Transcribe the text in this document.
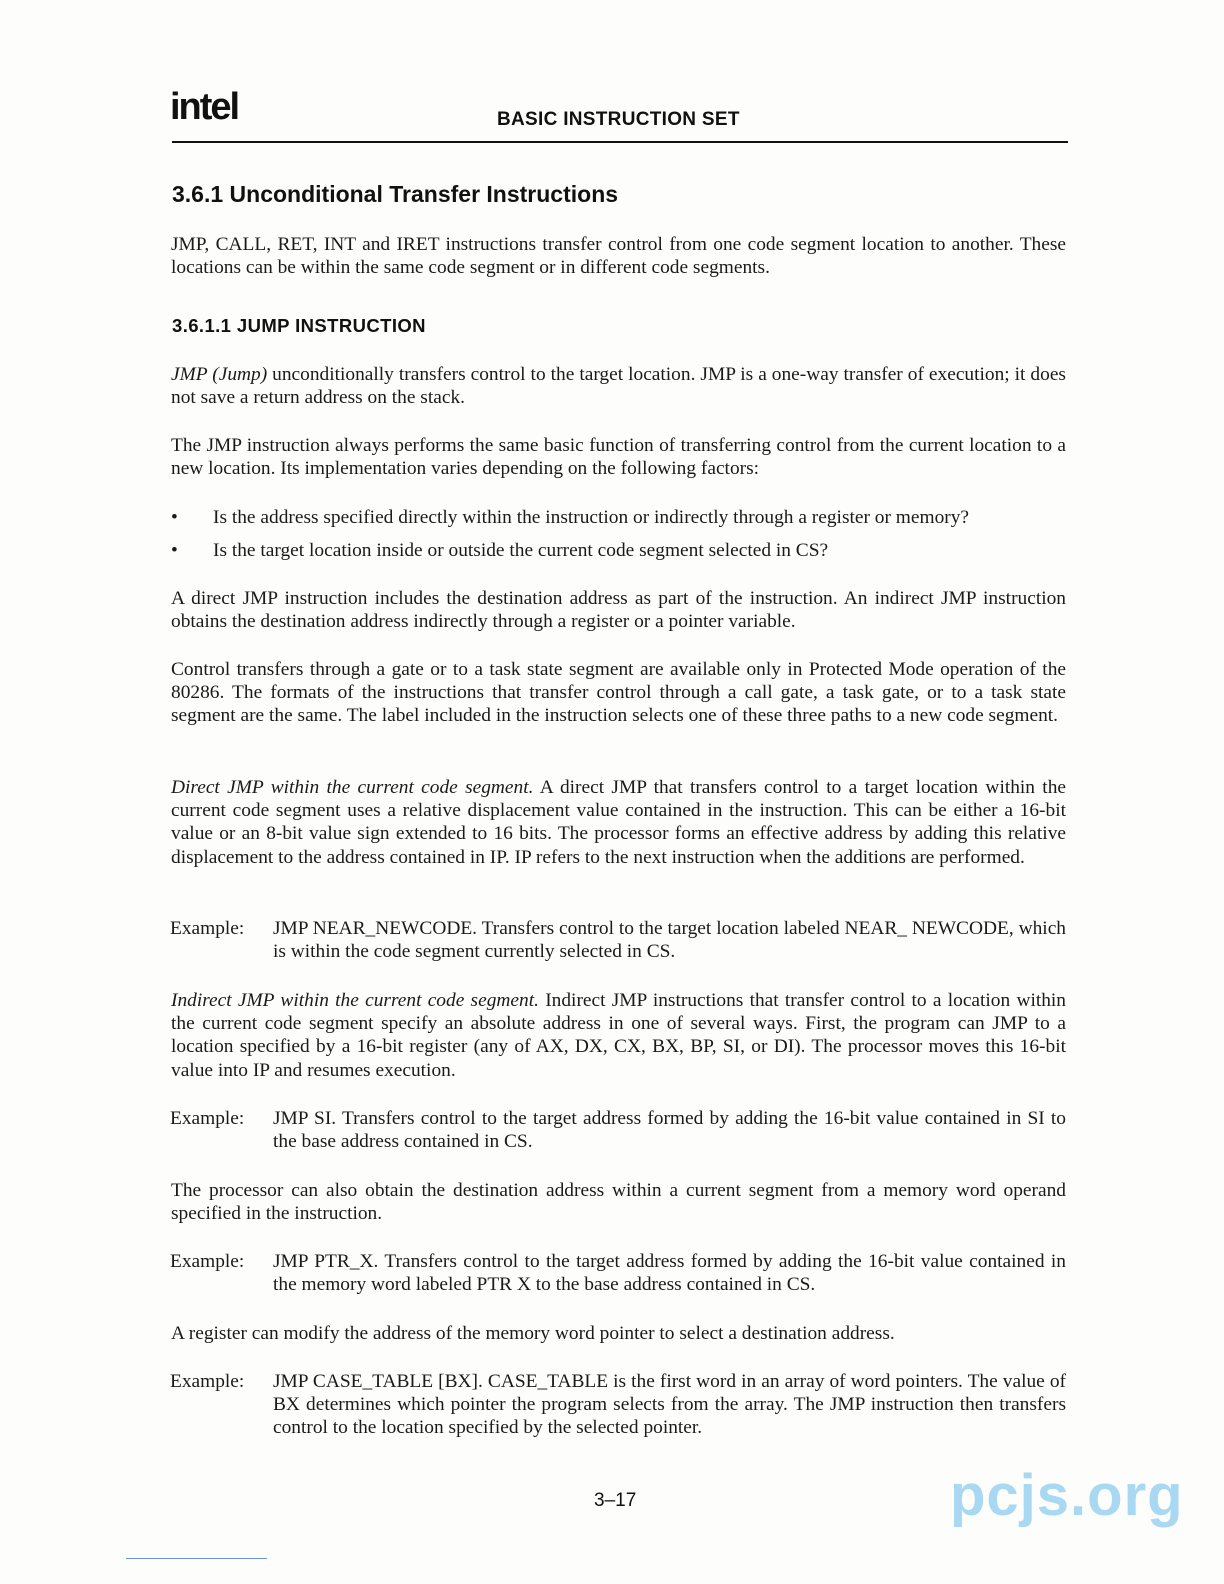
intel	BASIC INSTRUCTION SET
3.6.1 Unconditional Transfer Instructions

JMP, CALL, RET, INT and IRET instructions transfer control from one code segment location to another. These locations can be within the same code segment or in different code segments.

3.6.1.1 JUMP INSTRUCTION

JMP (Jump) unconditionally transfers control to the target location. JMP is a one-way transfer of execution; it does not save a return address on the stack.

The JMP instruction always performs the same basic function of transferring control from the current location to a new location. Its implementation varies depending on the following factors:

• Is the address specified directly within the instruction or indirectly through a register or memory?
• Is the target location inside or outside the current code segment selected in CS?

A direct JMP instruction includes the destination address as part of the instruction. An indirect JMP instruction obtains the destination address indirectly through a register or a pointer variable.

Control transfers through a gate or to a task state segment are available only in Protected Mode operation of the 80286. The formats of the instructions that transfer control through a call gate, a task gate, or to a task state segment are the same. The label included in the instruction selects one of these three paths to a new code segment.

Direct JMP within the current code segment. A direct JMP that transfers control to a target location within the current code segment uses a relative displacement value contained in the instruction. This can be either a 16-bit value or an 8-bit value sign extended to 16 bits. The processor forms an effective address by adding this relative displacement to the address contained in IP. IP refers to the next instruction when the additions are performed.

Example: JMP NEAR_NEWCODE. Transfers control to the target location labeled NEAR_ NEWCODE, which is within the code segment currently selected in CS.

Indirect JMP within the current code segment. Indirect JMP instructions that transfer control to a location within the current code segment specify an absolute address in one of several ways. First, the program can JMP to a location specified by a 16-bit register (any of AX, DX, CX, BX, BP, SI, or DI). The processor moves this 16-bit value into IP and resumes execution.

Example: JMP SI. Transfers control to the target address formed by adding the 16-bit value contained in SI to the base address contained in CS.

The processor can also obtain the destination address within a current segment from a memory word operand specified in the instruction.

Example: JMP PTR_X. Transfers control to the target address formed by adding the 16-bit value contained in the memory word labeled PTR X to the base address contained in CS.

A register can modify the address of the memory word pointer to select a destination address.

Example: JMP CASE_TABLE [BX]. CASE_TABLE is the first word in an array of word pointers. The value of BX determines which pointer the program selects from the array. The JMP instruction then transfers control to the location specified by the selected pointer.
3–17	pcjs.org
